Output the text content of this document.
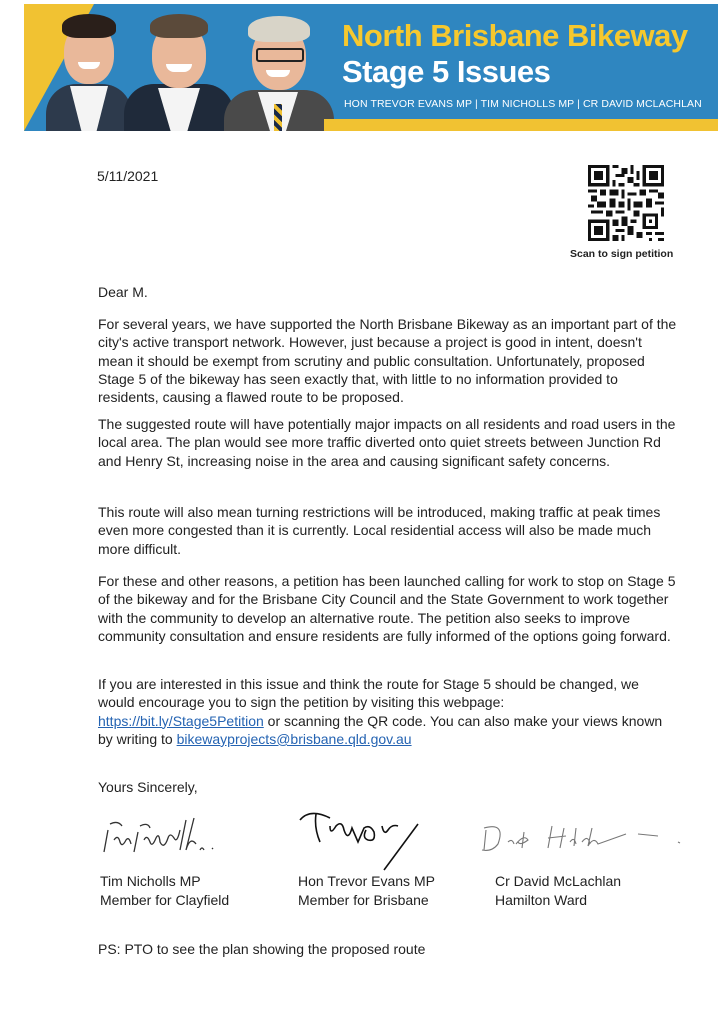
North Brisbane Bikeway
Stage 5 Issues
HON TREVOR EVANS MP | TIM NICHOLLS MP | CR DAVID MCLACHLAN
5/11/2021
Scan to sign petition
Dear M.
For several years, we have supported the North Brisbane Bikeway as an important part of the city's active transport network. However, just because a project is good in intent, doesn't mean it should be exempt from scrutiny and public consultation. Unfortunately, proposed Stage 5 of the bikeway has seen exactly that, with little to no information provided to residents, causing a flawed route to be proposed.
The suggested route will have potentially major impacts on all residents and road users in the local area. The plan would see more traffic diverted onto quiet streets between Junction Rd and Henry St, increasing noise in the area and causing significant safety concerns.
This route will also mean turning restrictions will be introduced, making traffic at peak times even more congested than it is currently. Local residential access will also be made much more difficult.
For these and other reasons, a petition has been launched calling for work to stop on Stage 5 of the bikeway and for the Brisbane City Council and the State Government to work together with the community to develop an alternative route. The petition also seeks to improve community consultation and ensure residents are fully informed of the options going forward.
If you are interested in this issue and think the route for Stage 5 should be changed, we would encourage you to sign the petition by visiting this webpage:
https://bit.ly/Stage5Petition or scanning the QR code. You can also make your views known by writing to bikewayprojects@brisbane.qld.gov.au
Yours Sincerely,
Tim Nicholls MP
Member for Clayfield
Hon Trevor Evans MP
Member for Brisbane
Cr David McLachlan
Hamilton Ward
PS: PTO to see the plan showing the proposed route
